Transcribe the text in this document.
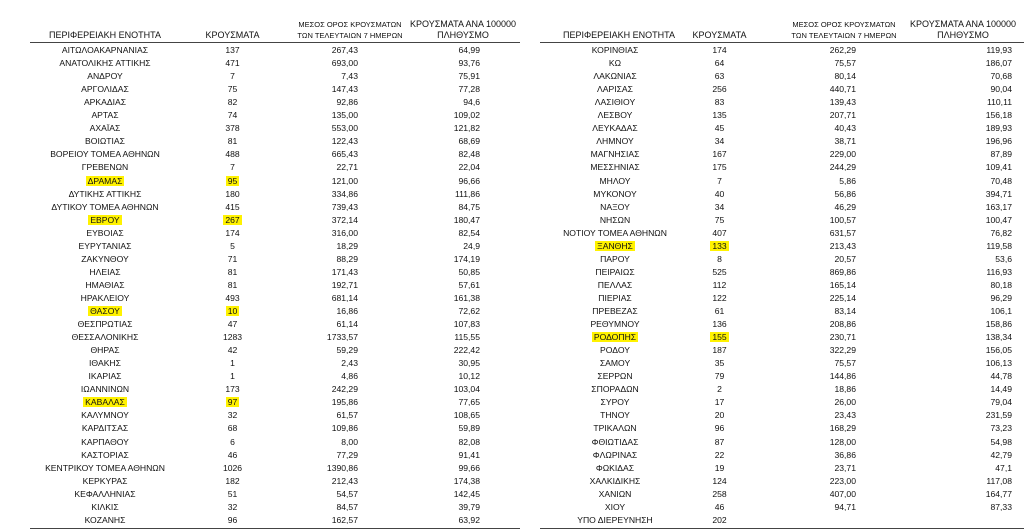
ΠΕΡΙΦΕΡΕΙΑΚΗ ΕΝΟΤΗΤΑ	ΚΡΟΥΣΜΑΤΑ
ΜΕΣΟΣ ΟΡΟΣ ΚΡΟΥΣΜΑΤΩΝ
ΤΩΝ ΤΕΛΕΥΤΑΙΩΝ 7 ΗΜΕΡΩΝ
ΚΡΟΥΣΜΑΤΑ ΑΝΑ 100000
ΠΛΗΘΥΣΜΟ	ΠΕΡΙΦΕΡΕΙΑΚΗ ΕΝΟΤΗΤΑ	ΚΡΟΥΣΜΑΤΑ
ΜΕΣΟΣ ΟΡΟΣ ΚΡΟΥΣΜΑΤΩΝ
ΤΩΝ ΤΕΛΕΥΤΑΙΩΝ 7 ΗΜΕΡΩΝ
ΚΡΟΥΣΜΑΤΑ ΑΝΑ 100000
ΠΛΗΘΥΣΜΟ
ΑΙΤΩΛΟΑΚΑΡΝΑΝΙΑΣ	137	267,43	64,99
ΑΝΑΤΟΛΙΚΗΣ ΑΤΤΙΚΗΣ	471	693,00	93,76
ΑΝΔΡΟΥ	7	7,43	75,91
ΑΡΓΟΛΙΔΑΣ	75	147,43	77,28
ΑΡΚΑΔΙΑΣ	82	92,86	94,6
ΑΡΤΑΣ	74	135,00	109,02
ΑΧΑΪΑΣ	378	553,00	121,82
ΒΟΙΩΤΙΑΣ	81	122,43	68,69
ΒΟΡΕΙΟΥ ΤΟΜΕΑ ΑΘΗΝΩΝ	488	665,43	82,48
ΓΡΕΒΕΝΩΝ	7	22,71	22,04
ΔΡΑΜΑΣ	95	121,00	96,66
ΔΥΤΙΚΗΣ ΑΤΤΙΚΗΣ	180	334,86	111,86
ΔΥΤΙΚΟΥ ΤΟΜΕΑ ΑΘΗΝΩΝ	415	739,43	84,75
ΕΒΡΟΥ	267	372,14	180,47
ΕΥΒΟΙΑΣ	174	316,00	82,54
ΕΥΡΥΤΑΝΙΑΣ	5	18,29	24,9
ΖΑΚΥΝΘΟΥ	71	88,29	174,19
ΗΛΕΙΑΣ	81	171,43	50,85
ΗΜΑΘΙΑΣ	81	192,71	57,61
ΗΡΑΚΛΕΙΟΥ	493	681,14	161,38
ΘΑΣΟΥ	10	16,86	72,62
ΘΕΣΠΡΩΤΙΑΣ	47	61,14	107,83
ΘΕΣΣΑΛΟΝΙΚΗΣ	1283	1733,57	115,55
ΘΗΡΑΣ	42	59,29	222,42
ΙΘΑΚΗΣ	1	2,43	30,95
ΙΚΑΡΙΑΣ	1	4,86	10,12
ΙΩΑΝΝΙΝΩΝ	173	242,29	103,04
ΚΑΒΑΛΑΣ	97	195,86	77,65
ΚΑΛΥΜΝΟΥ	32	61,57	108,65
ΚΑΡΔΙΤΣΑΣ	68	109,86	59,89
ΚΑΡΠΑΘΟΥ	6	8,00	82,08
ΚΑΣΤΟΡΙΑΣ	46	77,29	91,41
ΚΕΝΤΡΙΚΟΥ ΤΟΜΕΑ ΑΘΗΝΩΝ	1026	1390,86	99,66
ΚΕΡΚΥΡΑΣ	182	212,43	174,38
ΚΕΦΑΛΛΗΝΙΑΣ	51	54,57	142,45
ΚΙΛΚΙΣ	32	84,57	39,79
ΚΟΖΑΝΗΣ	96	162,57	63,92
ΚΟΡΙΝΘΙΑΣ	174	262,29	119,93
ΚΩ	64	75,57	186,07
ΛΑΚΩΝΙΑΣ	63	80,14	70,68
ΛΑΡΙΣΑΣ	256	440,71	90,04
ΛΑΣΙΘΙΟΥ	83	139,43	110,11
ΛΕΣΒΟΥ	135	207,71	156,18
ΛΕΥΚΑΔΑΣ	45	40,43	189,93
ΛΗΜΝΟΥ	34	38,71	196,96
ΜΑΓΝΗΣΙΑΣ	167	229,00	87,89
ΜΕΣΣΗΝΙΑΣ	175	244,29	109,41
ΜΗΛΟΥ	7	5,86	70,48
ΜΥΚΟΝΟΥ	40	56,86	394,71
ΝΑΞΟΥ	34	46,29	163,17
ΝΗΣΩΝ	75	100,57	100,47
ΝΟΤΙΟΥ ΤΟΜΕΑ ΑΘΗΝΩΝ	407	631,57	76,82
ΞΑΝΘΗΣ	133	213,43	119,58
ΠΑΡΟΥ	8	20,57	53,6
ΠΕΙΡΑΙΩΣ	525	869,86	116,93
ΠΕΛΛΑΣ	112	165,14	80,18
ΠΙΕΡΙΑΣ	122	225,14	96,29
ΠΡΕΒΕΖΑΣ	61	83,14	106,1
ΡΕΘΥΜΝΟΥ	136	208,86	158,86
ΡΟΔΟΠΗΣ	155	230,71	138,34
ΡΟΔΟΥ	187	322,29	156,05
ΣΑΜΟΥ	35	75,57	106,13
ΣΕΡΡΩΝ	79	144,86	44,78
ΣΠΟΡΑΔΩΝ	2	18,86	14,49
ΣΥΡΟΥ	17	26,00	79,04
ΤΗΝΟΥ	20	23,43	231,59
ΤΡΙΚΑΛΩΝ	96	168,29	73,23
ΦΘΙΩΤΙΔΑΣ	87	128,00	54,98
ΦΛΩΡΙΝΑΣ	22	36,86	42,79
ΦΩΚΙΔΑΣ	19	23,71	47,1
ΧΑΛΚΙΔΙΚΗΣ	124	223,00	117,08
ΧΑΝΙΩΝ	258	407,00	164,77
ΧΙΟΥ	46	94,71	87,33
ΥΠΟ ΔΙΕΡΕΥΝΗΣΗ	202
